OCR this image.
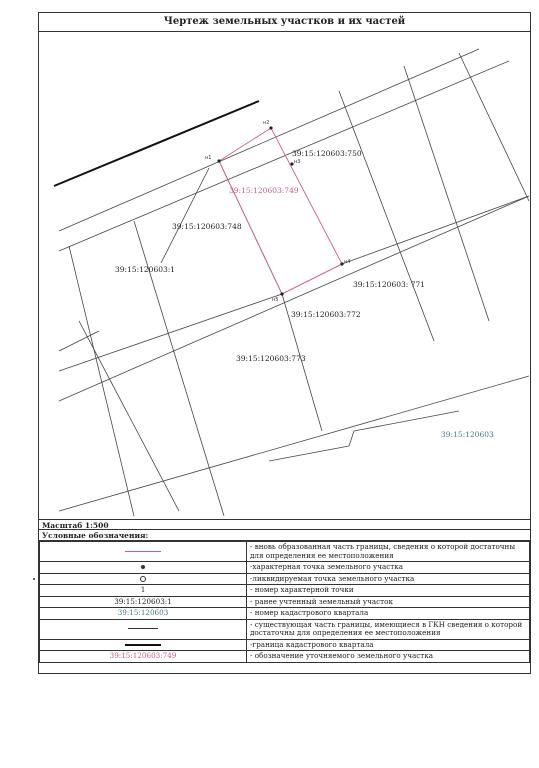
Чертеж земельных участков и их частей
н1
н2
н3
н4
н5
39:15:120603:750
39:15:120603:749
39:15:120603:748
39:15:120603:1
39:15:120603: 771
39:15:120603:772
39:15:120603:773
39:15:120603
Масштаб 1:500
Условные обозначения:
	- вновь образованная часть границы, сведения о которой достаточны для определения ее местоположения
	-характерная точка земельного участка
	-ликвидируемая точка земельного участка
1	- номер характерной точки
39:15:120603:1	- ранее учтенный земельный участок
39:15:120603	- номер кадастрового квартала
	- существующая часть границы, имеющиеся в ГКН сведения о которой достаточны для определения ее местоположения
	-граница кадастрового квартала
39:15:120603:749	- обозначение уточняемого земельного участка
